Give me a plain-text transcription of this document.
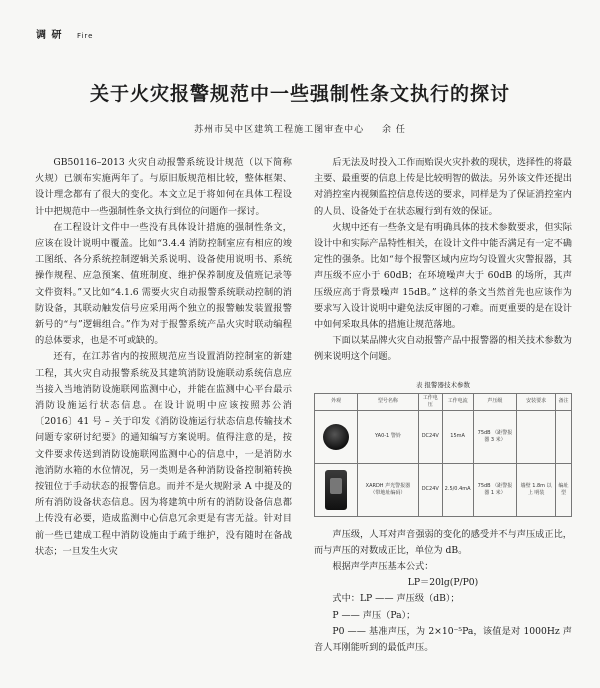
调 研 Fire
关于火灾报警规范中一些强制性条文执行的探讨
苏州市吴中区建筑工程施工图审查中心 余 任

GB50116–2013 火灾自动报警系统设计规范（以下简称火规）已颁布实施两年了。与原旧版规范相比较，整体框架、设计理念都有了很大的变化。本文立足于将如何在具体工程设计中把规范中一些强制性条文执行到位的问题作一探讨。

在工程设计文件中一些没有具体设计措施的强制性条文，应该在设计说明中覆盖。比如“3.4.4 消防控制室应有相应的竣工图纸、各分系统控制逻辑关系说明、设备使用说明书、系统操作规程、应急预案、值班制度、维护保养制度及值班记录等文件资料。”又比如“4.1.6 需要火灾自动报警系统联动控制的消防设备，其联动触发信号应采用两个独立的报警触发装置报警新号的“与”逻辑组合。”作为对于报警系统产品火灾时联动编程的总体要求，也是不可或缺的。

还有，在江苏省内的按照规范应当设置消防控制室的新建工程，其火灾自动报警系统及其建筑消防设施联动系统信息应当接入当地消防设施联网监测中心，并能在监测中心平台最示消防设施运行状态信息。在设计说明中应该按照苏公消〔2016〕41 号 – 关于印发《消防设施运行状态信息传输技术问题专家研讨纪要》的通知编写方案说明。值得注意的是，按文件要求传送到消防设施联网监测中心的信息中，一是消防水池消防水箱的水位情况，另一类则是各种消防设备控制箱转换按钮位于手动状态的报警信息。而并不是火规附录 A 中提及的所有消防设备状态信息。因为将建筑中所有的消防设备信息都上传没有必要，造成监测中心信息冗余更是有害无益。针对目前一些已建成工程中消防设施由于疏于维护，没有随时在备战状态；一旦发生火灾

后无法及时投入工作而贻误火灾扑救的现状，选择性的将最主要、最重要的信息上传是比较明智的做法。另外该文件还提出对消控室内视频监控信息传送的要求，同样是为了保证消控室内的人员、设备处于在状态履行到有效的保证。

火规中还有一些条文是有明确具体的技术参数要求，但实际设计中和实际产品特性相关，在设计文件中能否满足有一定不确定性的强条。比如“每个报警区域内应均匀设置火灾警报器，其声压级不应小于 60dB；在环境噪声大于 60dB 的场所，其声压级应高于背景噪声 15dB。” 这样的条文当然首先也应该作为要求写入设计说明中避免法反审图的刁难。而更重要的是在设计中如何采取具体的措施让规范落地。

下面以某品牌火灾自动报警产品中报警器的相关技术参数为例来说明这个问题。

表 报警器技术参数
外观	型号名称	工作电压	工作电流	声压级	安装要求	备注

	YA0-1 警铃	DC24V	15mA	75dB （距警报器 3 米）		

	XARDH 声光警报器 （带地址编码）	DC24V	2.5/0.4mA	75dB （距警报器 1 米）	墙壁 1.8m 以上 明装	编址型

声压级，人耳对声音强弱的变化的感受并不与声压成正比，而与声压的对数成正比，单位为 dB。

根据声学声压基本公式：

LP＝20lg(P/P0)

式中：LP —— 声压级（dB）；

P —— 声压（Pa）；

P0 —— 基准声压，为 2×10⁻⁵Pa，该值是对 1000Hz 声音人耳刚能听到的最低声压。
